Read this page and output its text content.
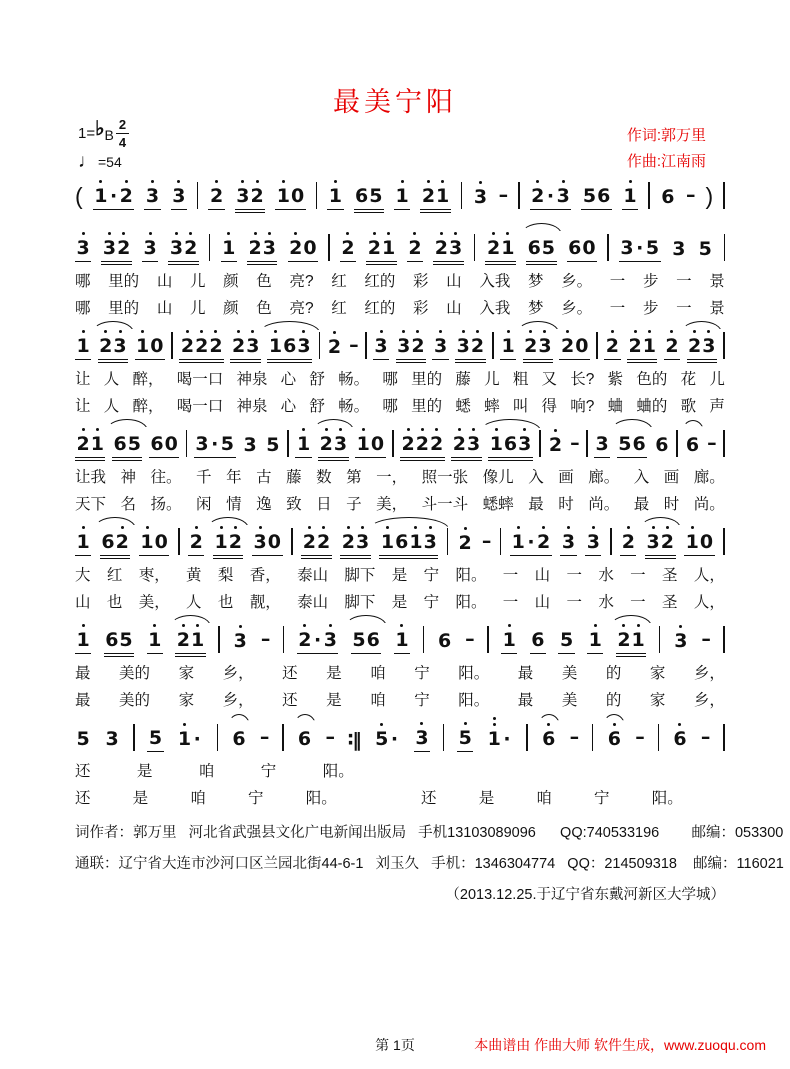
最美宁阳
作词:郭万里
作曲:江南雨
1= ♭ B $\frac{2}{4}$
♩ =54
( 1 · 2 3 3 2 32 10 1 65 1 21 3 – 2 · 3 56 1 6 – )
3 32 3 32 1 23 20 2 21 2 23 21 65 60 3 · 5 3 5
哪 里的 山 儿 颜 色 亮? 红 红的 彩 山 入我 梦 乡。 一 步 一 景
哪 里的 山 儿 颜 色 亮? 红 红的 彩 山 入我 梦 乡。 一 步 一 景
1 23 10 222 23 163 2 – 3 32 3 32 1 23 20 2 21 2 23
让 人 醉， 喝一口 神泉 心 舒 畅。 哪 里的 藤 儿 粗 又 长? 紫 色的 花 儿
让 人 醉， 喝一口 神泉 心 舒 畅。 哪 里的 蟋 蟀 叫 得 响? 蛐 蛐的 歌 声
21 65 60 3 · 5 3 5 1 23 10 222 23 163 2 – 3 56 6 6 –
让我 神 往。 千 年 古 藤 数 第 一， 照一张 像儿 入 画 廊。 入 画 廊。
天下 名 扬。 闲 情 逸 致 日 子 美， 斗一斗 蟋蟀 最 时 尚。 最 时 尚。
1 62 10 2 12 30 22 23 1613 2 – 1 · 2 3 3 2 32 10
大 红 枣， 黄 梨 香， 泰山 脚下 是 宁 阳。 一 山 一 水 一 圣 人，
山 也 美， 人 也 靓， 泰山 脚下 是 宁 阳。 一 山 一 水 一 圣 人，
1 65 1 21 3 – 2 · 3 56 1 6 – 1 6 5 1 21 3 –
最 美的 家 乡， 还 是 咱 宁 阳。 最 美 的 家 乡，
最 美的 家 乡， 还 是 咱 宁 阳。 最 美 的 家 乡，
5 3 5 1 · 6 – 6 – ∶‖ 5 · 3 5 1 · 6 – 6 – 6 –
还	是	咱	宁	阳。
还	是	咱	宁	阳。	还	是	咱	宁	阳。
词作者：郭万里   河北省武强县文化广电新闻出版局   手机13103089096      QQ:740533196        邮编：053300
通联：辽宁省大连市沙河口区兰园北街44-6-1   刘玉久   手机：1346304774   QQ：214509318    邮编：116021
（2013.12.25.于辽宁省东戴河新区大学城）
第 1页	本曲谱由 作曲大师 软件生成，www.zuoqu.com
